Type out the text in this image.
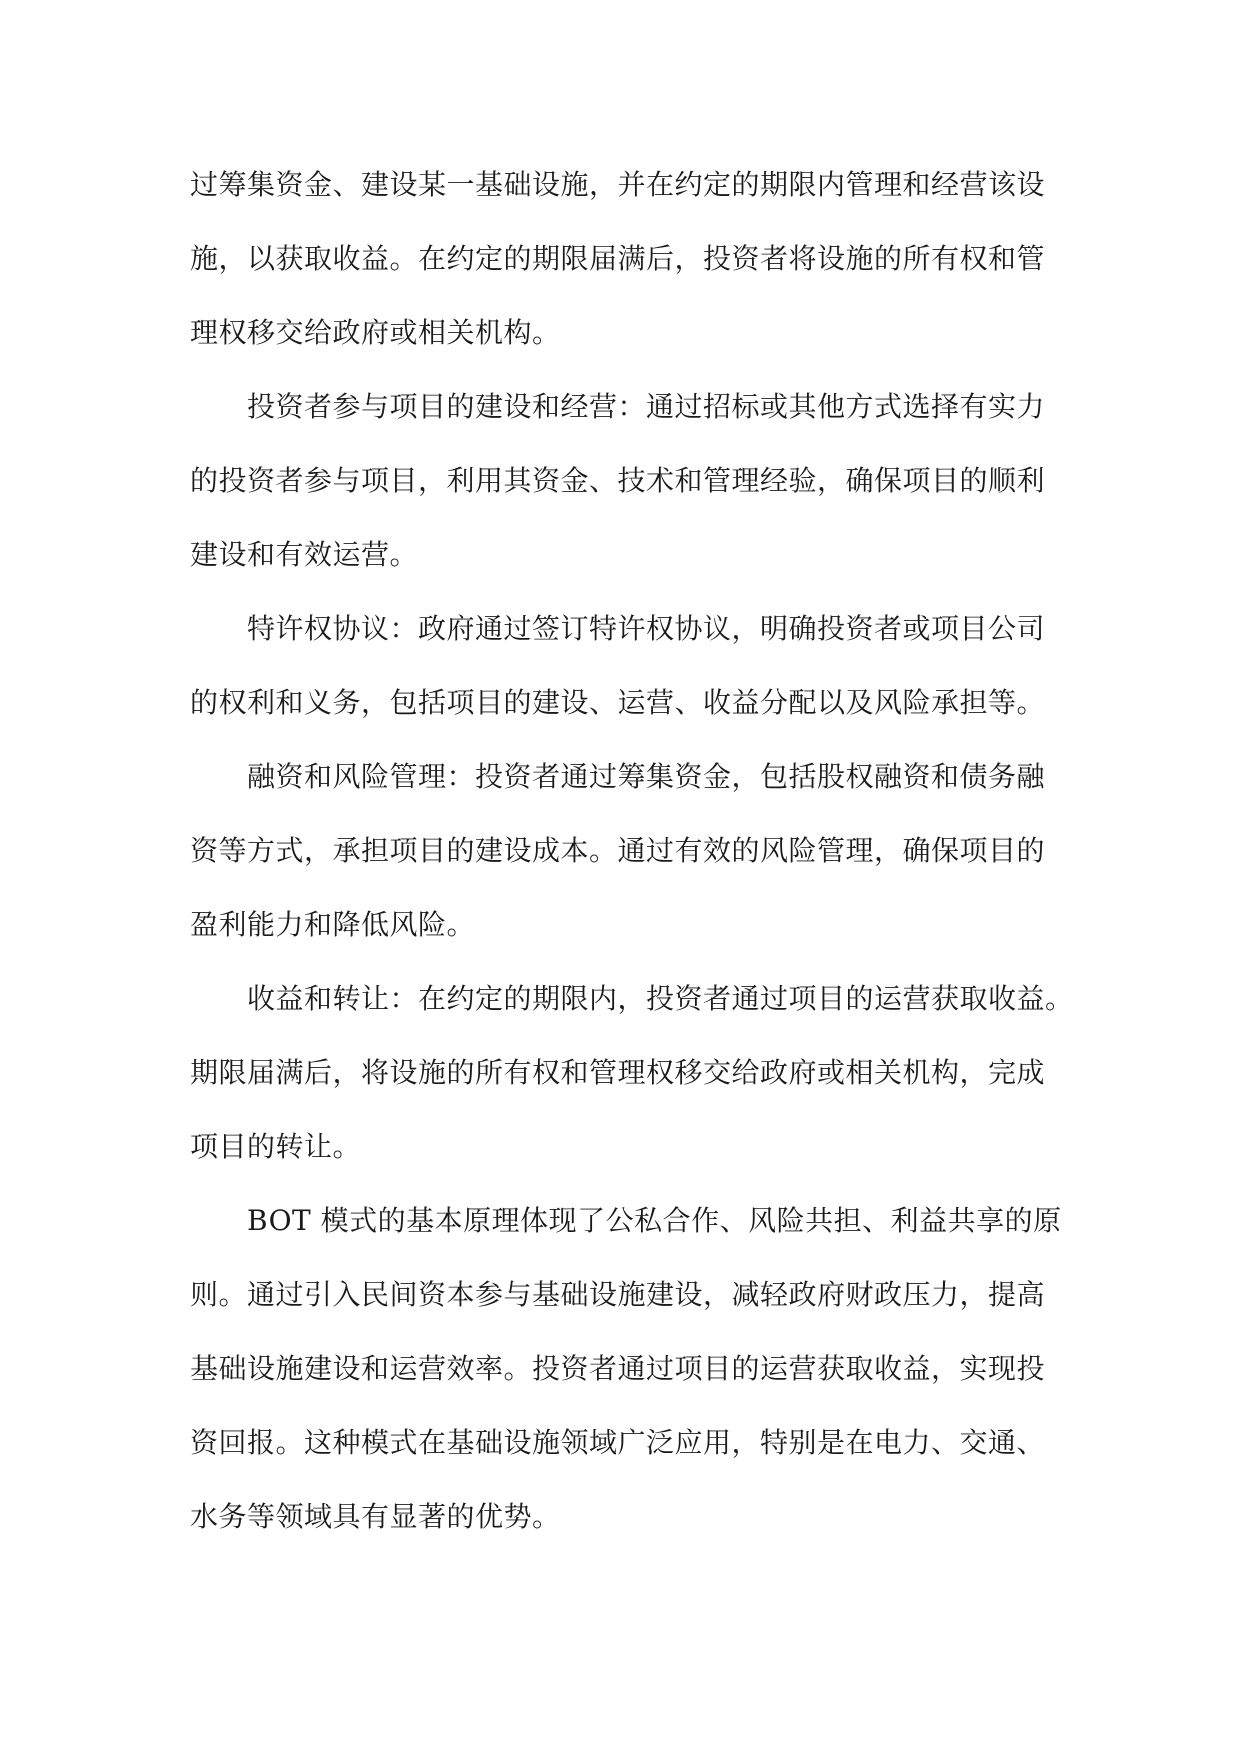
过筹集资金、建设某一基础设施，并在约定的期限内管理和经营该设
施，以获取收益。在约定的期限届满后，投资者将设施的所有权和管
理权移交给政府或相关机构。
投资者参与项目的建设和经营：通过招标或其他方式选择有实力
的投资者参与项目，利用其资金、技术和管理经验，确保项目的顺利
建设和有效运营。
特许权协议：政府通过签订特许权协议，明确投资者或项目公司
的权利和义务，包括项目的建设、运营、收益分配以及风险承担等。
融资和风险管理：投资者通过筹集资金，包括股权融资和债务融
资等方式，承担项目的建设成本。通过有效的风险管理，确保项目的
盈利能力和降低风险。
收益和转让：在约定的期限内，投资者通过项目的运营获取收益。
期限届满后，将设施的所有权和管理权移交给政府或相关机构，完成
项目的转让。
BOT 模式的基本原理体现了公私合作、风险共担、利益共享的原
则。通过引入民间资本参与基础设施建设，减轻政府财政压力，提高
基础设施建设和运营效率。投资者通过项目的运营获取收益，实现投
资回报。这种模式在基础设施领域广泛应用，特别是在电力、交通、
水务等领域具有显著的优势。
